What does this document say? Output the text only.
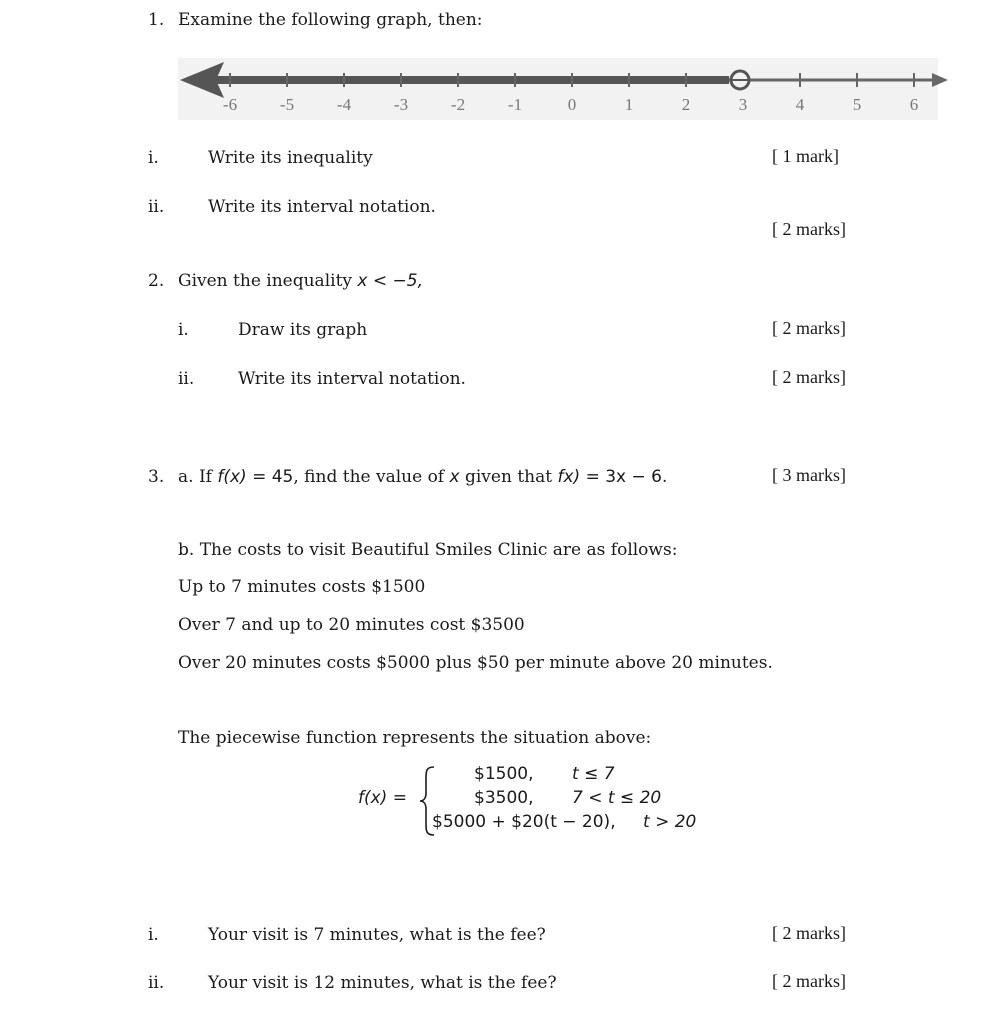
1. Examine the following graph, then:
-6	-5	-4	-3	-2	-1	0	1	2	3	4	5	6
i.	Write its inequality	[ 1 mark]
ii.	Write its interval notation.
[ 2 marks]
2. Given the inequality x < −5,
i.	Draw its graph	[ 2 marks]
ii.	Write its interval notation.	[ 2 marks]
3. a. If f(x) = 45, find the value of x given that fx) = 3x − 6.	[ 3 marks]
b. The costs to visit Beautiful Smiles Clinic are as follows:
Up to 7 minutes costs $1500
Over 7 and up to 20 minutes cost $3500
Over 20 minutes costs $5000 plus $50 per minute above 20 minutes.
The piecewise function represents the situation above:
f(x) =
$1500, t ≤ 7
$3500, 7 < t ≤ 20
$5000 + $20(t − 20), t > 20
i.	Your visit is 7 minutes, what is the fee?	[ 2 marks]
ii.	Your visit is 12 minutes, what is the fee?	[ 2 marks]
